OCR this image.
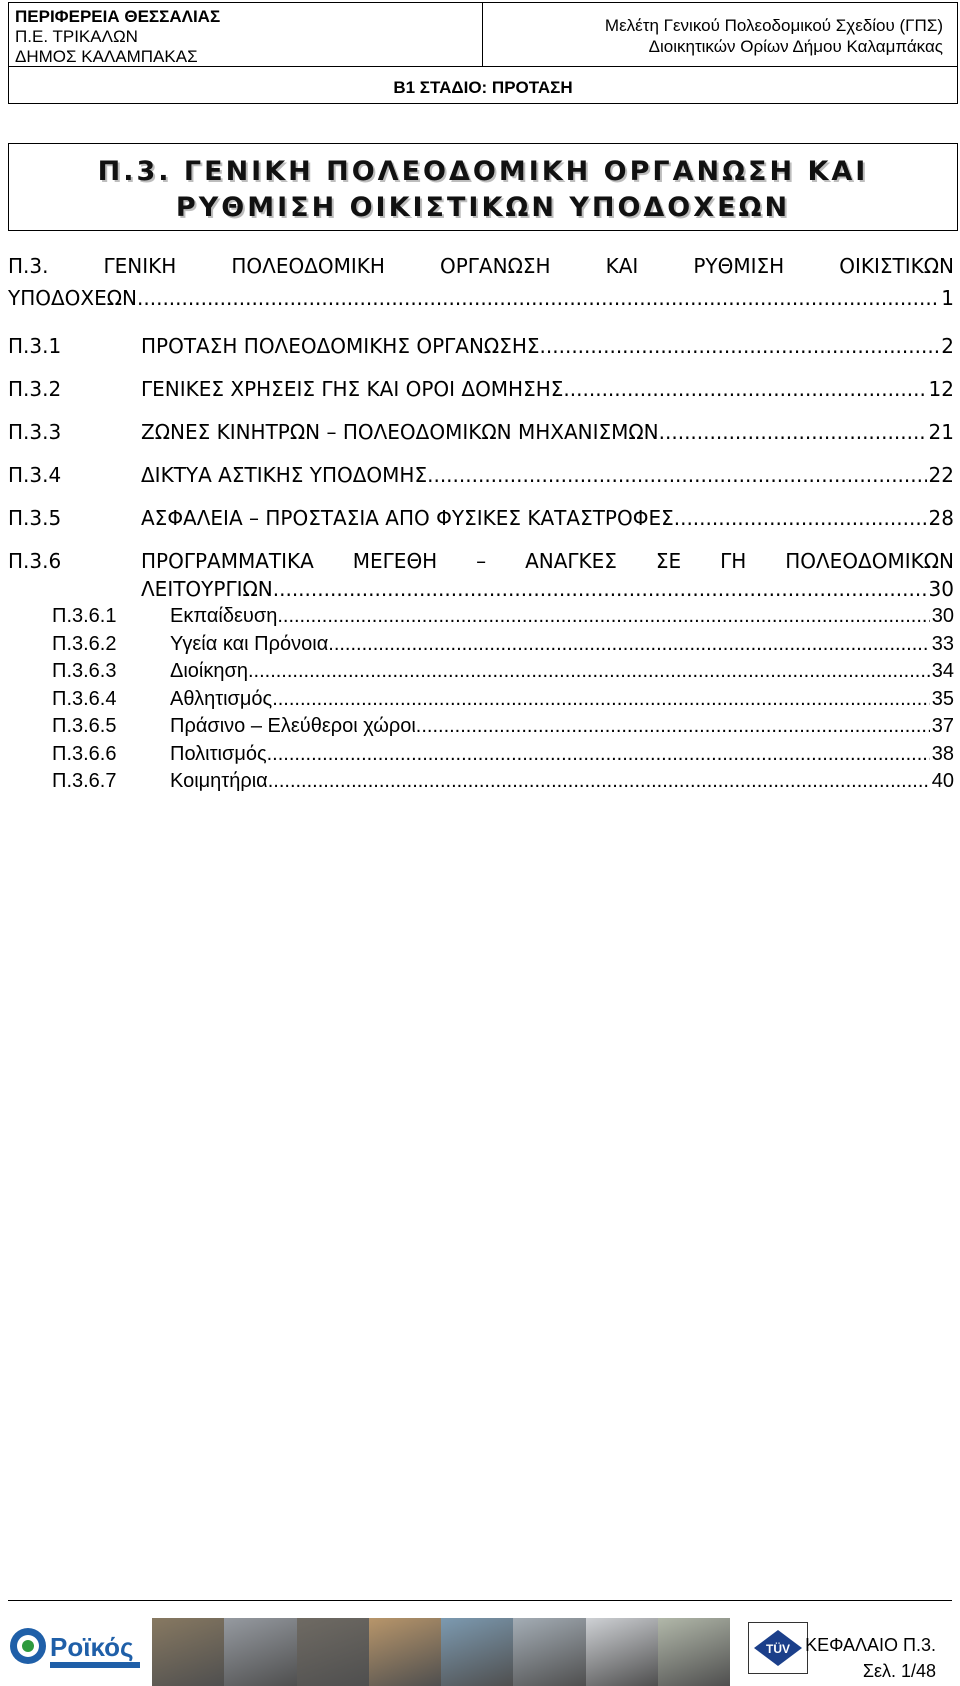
ΠΕΡΙΦΕΡΕΙΑ ΘΕΣΣΑΛΙΑΣ
Π.Ε. ΤΡΙΚΑΛΩΝ
ΔΗΜΟΣ ΚΑΛΑΜΠΑΚΑΣ
Μελέτη Γενικού Πολεοδομικού Σχεδίου (ΓΠΣ)
Διοικητικών Ορίων Δήμου Καλαμπάκας
Β1 ΣΤΑΔΙΟ: ΠΡΟΤΑΣΗ
Π.3. ΓΕΝΙΚΗ ΠΟΛΕΟΔΟΜΙΚΗ ΟΡΓΑΝΩΣΗ ΚΑΙ
ΡΥΘΜΙΣΗ ΟΙΚΙΣΤΙΚΩΝ ΥΠΟΔΟΧΕΩΝ
Π.3. ΓΕΝΙΚΗ ΠΟΛΕΟΔΟΜΙΚΗ ΟΡΓΑΝΩΣΗ ΚΑΙ ΡΥΘΜΙΣΗ ΟΙΚΙΣΤΙΚΩΝ
ΥΠΟΔΟΧΕΩΝ .....	1
Π.3.1	ΠΡΟΤΑΣΗ ΠΟΛΕΟΔΟΜΙΚΗΣ ΟΡΓΑΝΩΣΗΣ .....	2
Π.3.2	ΓΕΝΙΚΕΣ ΧΡΗΣΕΙΣ ΓΗΣ ΚΑΙ ΟΡΟΙ ΔΟΜΗΣΗΣ .....	12
Π.3.3	ΖΩΝΕΣ ΚΙΝΗΤΡΩΝ – ΠΟΛΕΟΔΟΜΙΚΩΝ ΜΗΧΑΝΙΣΜΩΝ .....	21
Π.3.4	ΔΙΚΤΥΑ ΑΣΤΙΚΗΣ ΥΠΟΔΟΜΗΣ .....	22
Π.3.5	ΑΣΦΑΛΕΙΑ – ΠΡΟΣΤΑΣΙΑ ΑΠΟ ΦΥΣΙΚΕΣ ΚΑΤΑΣΤΡΟΦΕΣ .....	28
Π.3.6	ΠΡΟΓΡΑΜΜΑΤΙΚΑ ΜΕΓΕΘΗ – ΑΝΑΓΚΕΣ ΣΕ ΓΗ ΠΟΛΕΟΔΟΜΙΚΩΝ
ΛΕΙΤΟΥΡΓΙΩΝ .....	30
Π.3.6.1	Εκπαίδευση .....	30
Π.3.6.2	Υγεία και Πρόνοια .....	33
Π.3.6.3	Διοίκηση .....	34
Π.3.6.4	Αθλητισμός .....	35
Π.3.6.5	Πράσινο – Ελεύθεροι χώροι .....	37
Π.3.6.6	Πολιτισμός .....	38
Π.3.6.7	Κοιμητήρια .....	40
Ροϊκός	TÜV ΚΕΦΑΛΑΙΟ Π.3.
Σελ. 1/48
